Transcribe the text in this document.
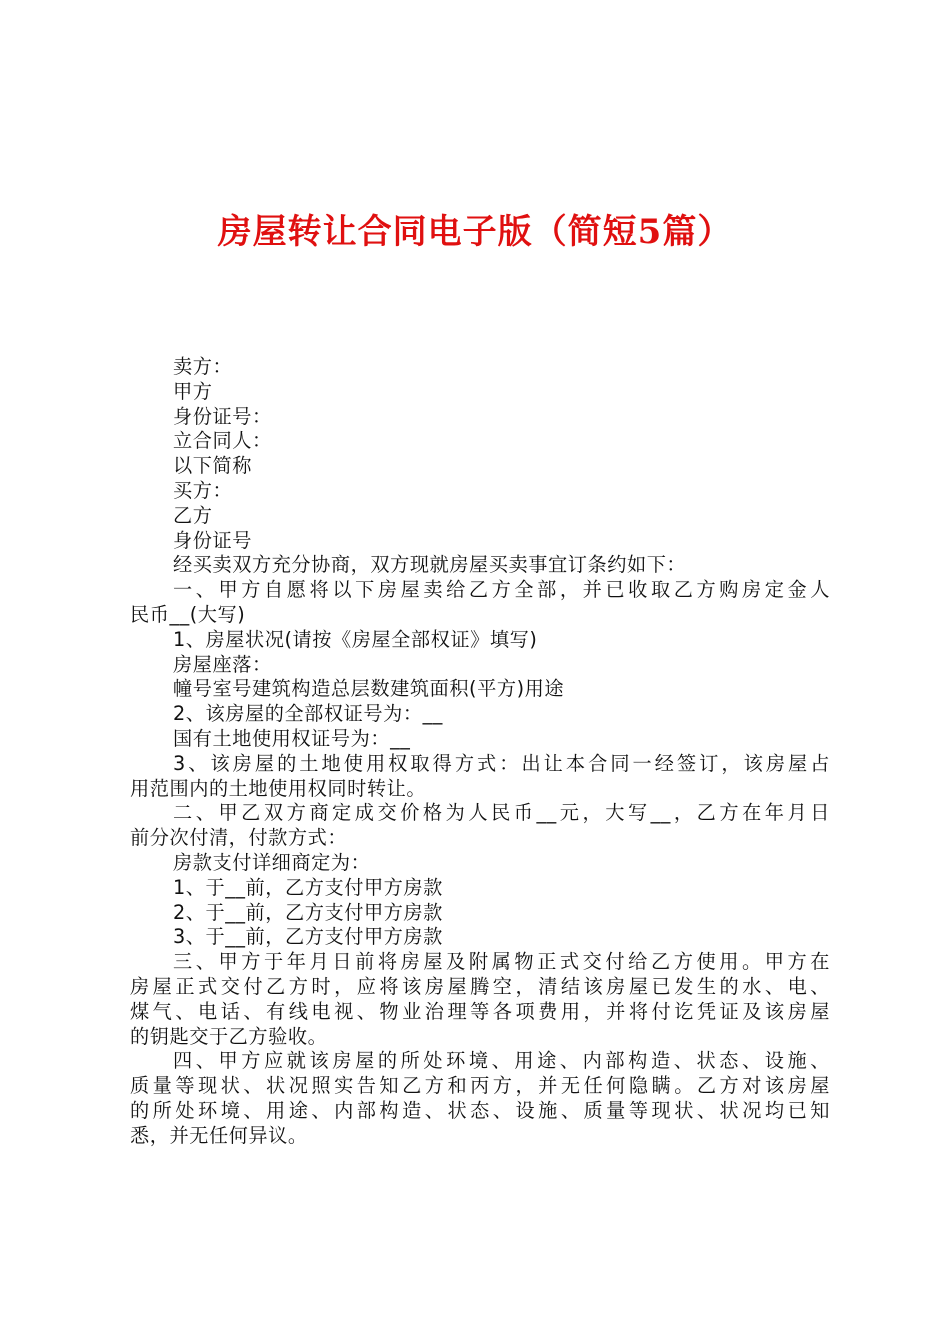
房屋转让合同电子版（简短5篇）
卖方：
甲方
身份证号：
立合同人：
以下简称
买方：
乙方
身份证号
经买卖双方充分协商，双方现就房屋买卖事宜订条约如下：
一、甲方自愿将以下房屋卖给乙方全部，并已收取乙方购房定金人
民币__(大写)
1、房屋状况(请按《房屋全部权证》填写)
房屋座落：
幢号室号建筑构造总层数建筑面积(平方)用途
2、该房屋的全部权证号为：__
国有土地使用权证号为：__
3、该房屋的土地使用权取得方式：出让本合同一经签订，该房屋占
用范围内的土地使用权同时转让。
二、甲乙双方商定成交价格为人民币__元，大写__，乙方在年月日
前分次付清，付款方式：
房款支付详细商定为：
1、于__前，乙方支付甲方房款
2、于__前，乙方支付甲方房款
3、于__前，乙方支付甲方房款
三、甲方于年月日前将房屋及附属物正式交付给乙方使用。甲方在
房屋正式交付乙方时，应将该房屋腾空，清结该房屋已发生的水、电、
煤气、电话、有线电视、物业治理等各项费用，并将付讫凭证及该房屋
的钥匙交于乙方验收。
四、甲方应就该房屋的所处环境、用途、内部构造、状态、设施、
质量等现状、状况照实告知乙方和丙方，并无任何隐瞒。乙方对该房屋
的所处环境、用途、内部构造、状态、设施、质量等现状、状况均已知
悉，并无任何异议。
